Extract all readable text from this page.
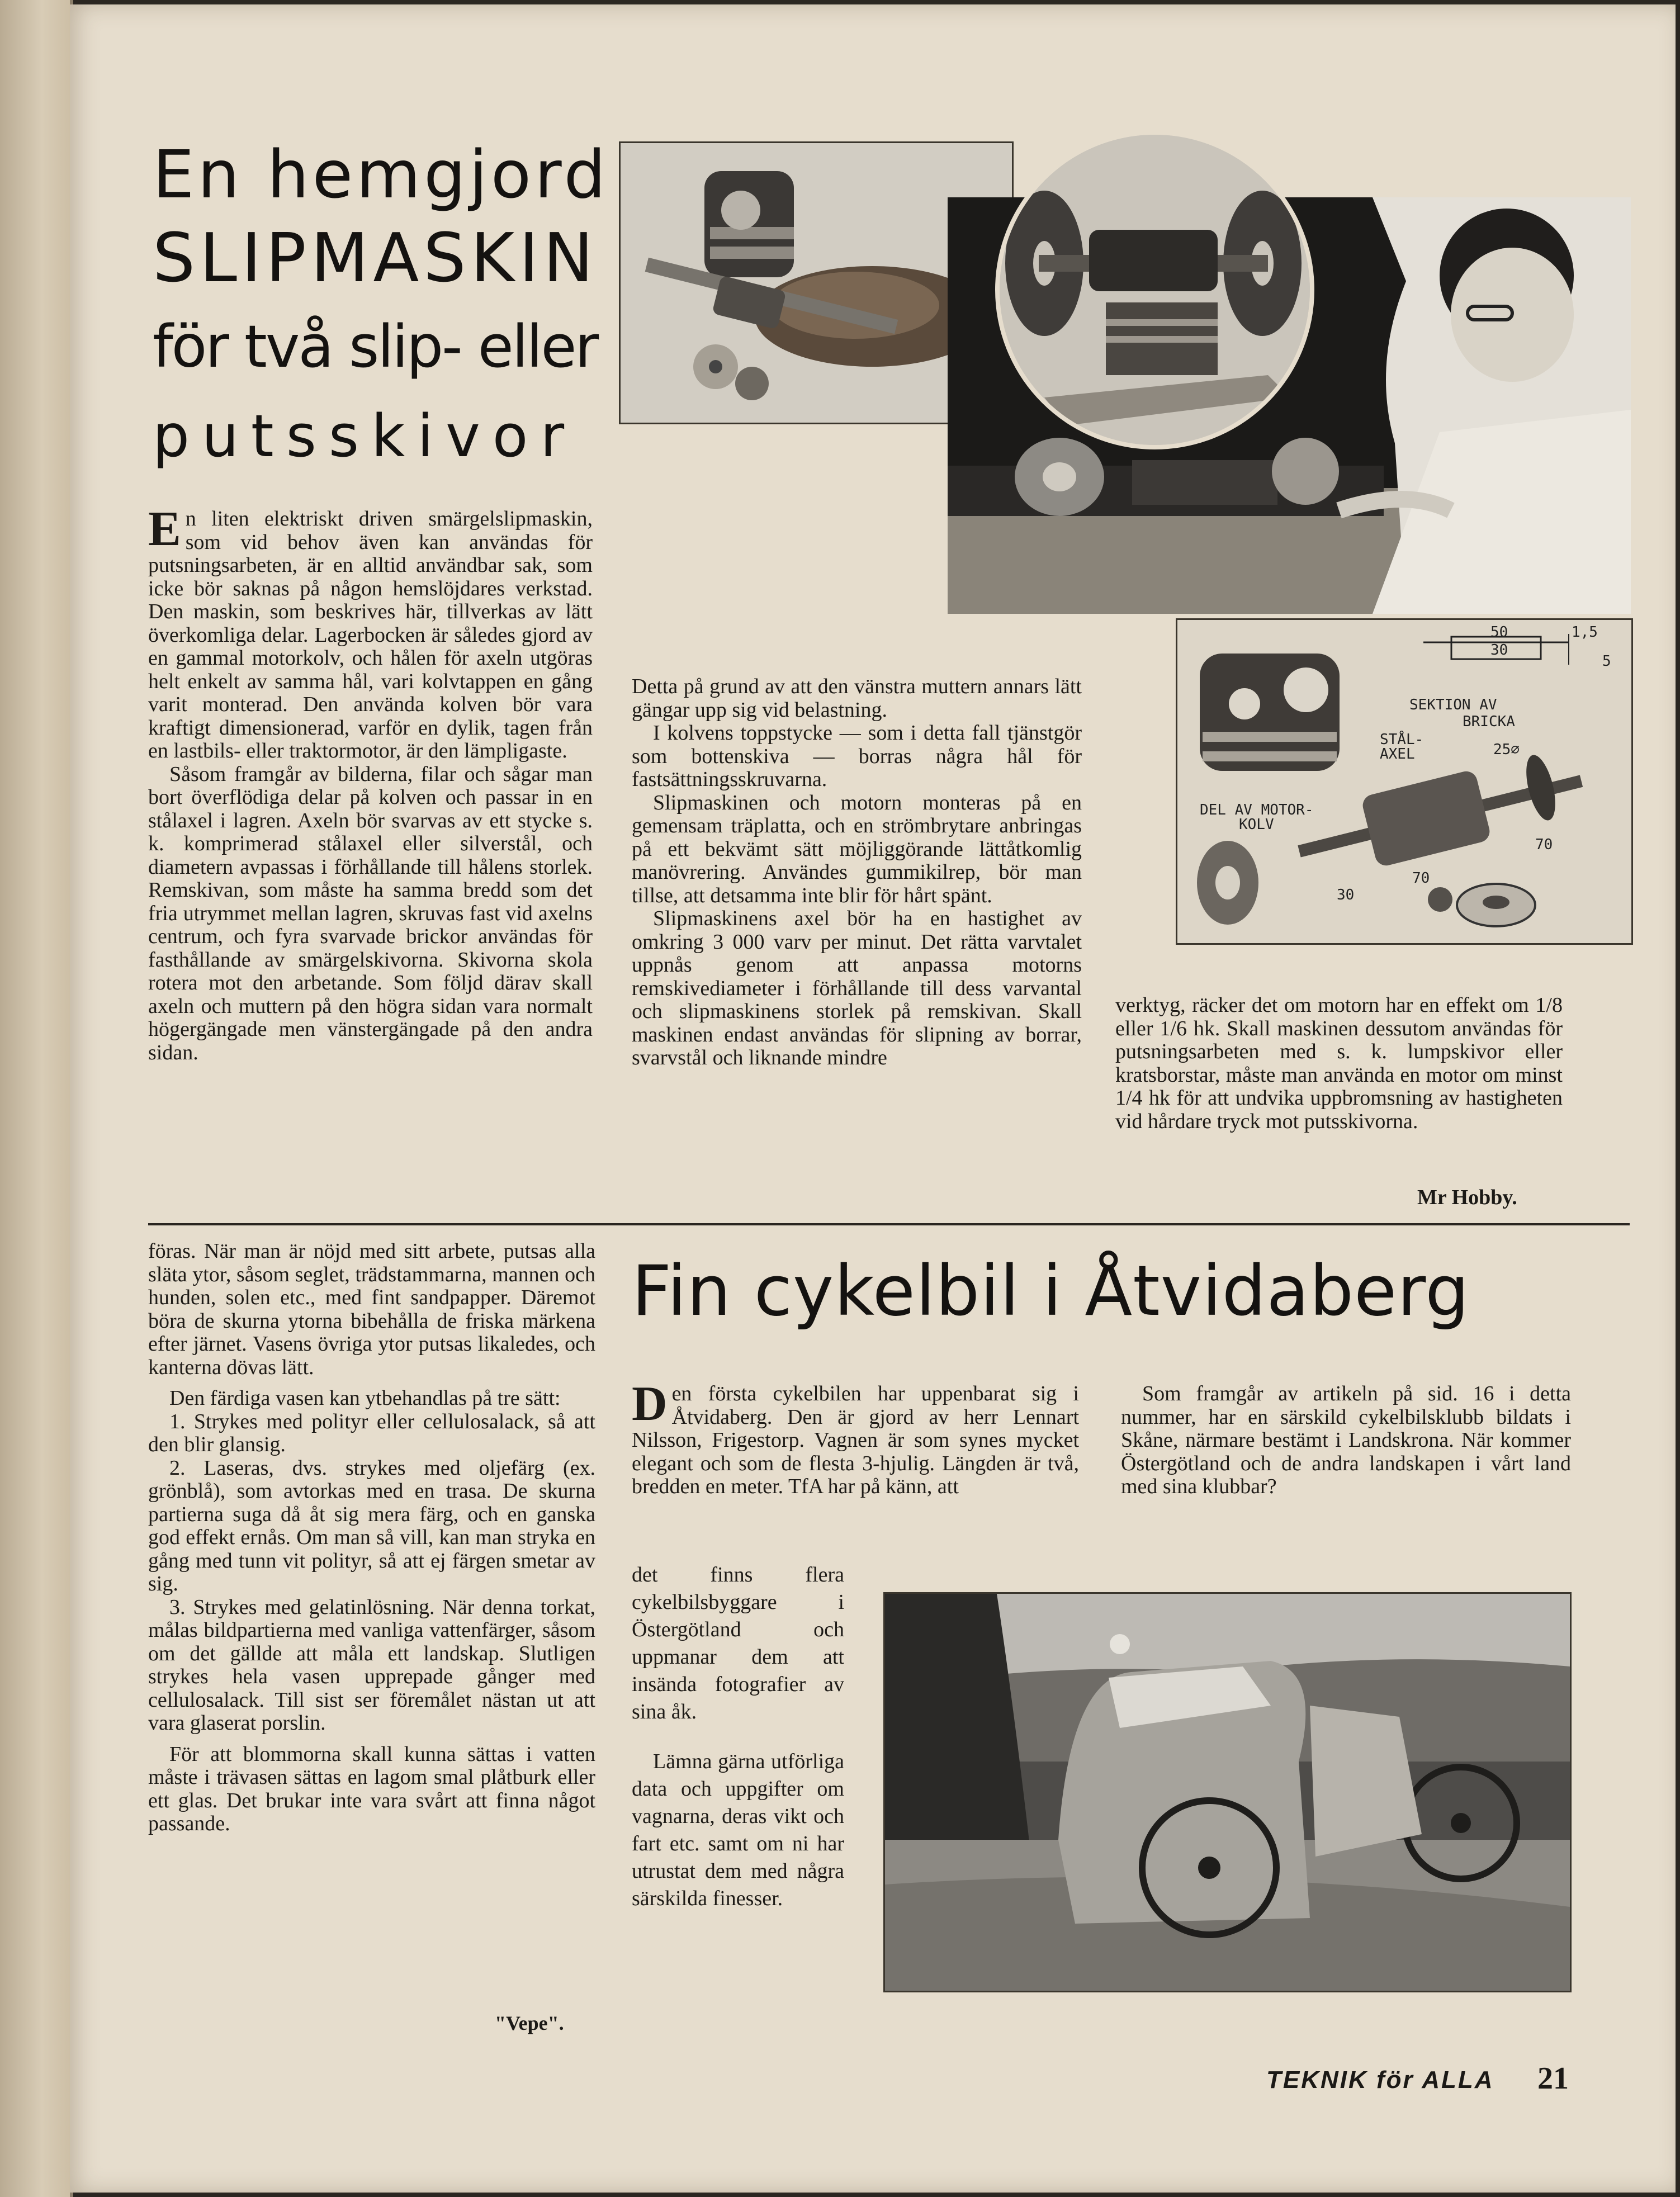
En hemgjord
SLIPMASKIN
för två slip- eller
putsskivor
50
30
1,5
5
SEKTION AV
BRICKA
STÅL-
AXEL	25⌀
DEL AV MOTOR-
KOLV
70
70
30

En liten elektriskt driven smärgelslipmaskin, som vid behov även kan användas för putsningsarbeten, är en alltid användbar sak, som icke bör saknas på någon hemslöjdares verkstad. Den maskin, som beskrives här, tillverkas av lätt överkomliga delar. Lagerbocken är således gjord av en gammal motorkolv, och hålen för axeln utgöras helt enkelt av samma hål, vari kolvtappen en gång varit monterad. Den använda kolven bör vara kraftigt dimensionerad, varför en dylik, tagen från en lastbils- eller traktormotor, är den lämpligaste.

Såsom framgår av bilderna, filar och sågar man bort överflödiga delar på kolven och passar in en stålaxel i lagren. Axeln bör svarvas av ett stycke s. k. komprimerad stålaxel eller silverstål, och diametern avpassas i förhållande till hålens storlek. Remskivan, som måste ha samma bredd som det fria utrymmet mellan lagren, skruvas fast vid axelns centrum, och fyra svarvade brickor användas för fasthållande av smärgelskivorna. Skivorna skola rotera mot den arbetande. Som följd därav skall axeln och muttern på den högra sidan vara normalt högergängade men vänstergängade på den andra sidan.

Detta på grund av att den vänstra muttern annars lätt gängar upp sig vid belastning.

I kolvens toppstycke — som i detta fall tjänstgör som bottenskiva — borras några hål för fastsättningsskruvarna.

Slipmaskinen och motorn monteras på en gemensam träplatta, och en strömbrytare anbringas på ett bekvämt sätt möjliggörande lättåtkomlig manövrering. Användes gummikilrep, bör man tillse, att detsamma inte blir för hårt spänt.

Slipmaskinens axel bör ha en hastighet av omkring 3 000 varv per minut. Det rätta varvtalet uppnås genom att anpassa motorns remskivediameter i förhållande till dess varvantal och slipmaskinens storlek på remskivan. Skall maskinen endast användas för slipning av borrar, svarvstål och liknande mindre

verktyg, räcker det om motorn har en effekt om 1/8 eller 1/6 hk. Skall maskinen dessutom användas för putsningsarbeten med s. k. lumpskivor eller kratsborstar, måste man använda en motor om minst 1/4 hk för att undvika uppbromsning av hastigheten vid hårdare tryck mot putsskivorna.

Mr Hobby.

föras. När man är nöjd med sitt arbete, putsas alla släta ytor, såsom seglet, trädstammarna, mannen och hunden, solen etc., med fint sandpapper. Däremot böra de skurna ytorna bibehålla de friska märkena efter järnet. Vasens övriga ytor putsas likaledes, och kanterna dövas lätt.

Den färdiga vasen kan ytbehandlas på tre sätt:

1. Strykes med polityr eller cellulosalack, så att den blir glansig.

2. Laseras, dvs. strykes med oljefärg (ex. grönblå), som avtorkas med en trasa. De skurna partierna suga då åt sig mera färg, och en ganska god effekt ernås. Om man så vill, kan man stryka en gång med tunn vit polityr, så att ej färgen smetar av sig.

3. Strykes med gelatinlösning. När denna torkat, målas bildpartierna med vanliga vattenfärger, såsom om det gällde att måla ett landskap. Slutligen strykes hela vasen upprepade gånger med cellulosalack. Till sist ser föremålet nästan ut att vara glaserat porslin.

För att blommorna skall kunna sättas i vatten måste i trävasen sättas en lagom smal plåtburk eller ett glas. Det brukar inte vara svårt att finna något passande.

"Vepe".
Fin cykelbil i Åtvidaberg

Den första cykelbilen har uppenbarat sig i Åtvidaberg. Den är gjord av herr Lennart Nilsson, Frigestorp. Vagnen är som synes mycket elegant och som de flesta 3-hjulig. Längden är två, bredden en meter. TfA har på känn, att

det finns flera cykelbilsbyggare i Östergötland och uppmanar dem att insända fotografier av sina åk.

Lämna gärna utförliga data och uppgifter om vagnarna, deras vikt och fart etc. samt om ni har utrustat dem med några särskilda finesser.

Som framgår av artikeln på sid. 16 i detta nummer, har en särskild cykelbilsklubb bildats i Skåne, närmare bestämt i Landskrona. När kommer Östergötland och de andra landskapen i vårt land med sina klubbar?

TEKNIK för ALLA 21
